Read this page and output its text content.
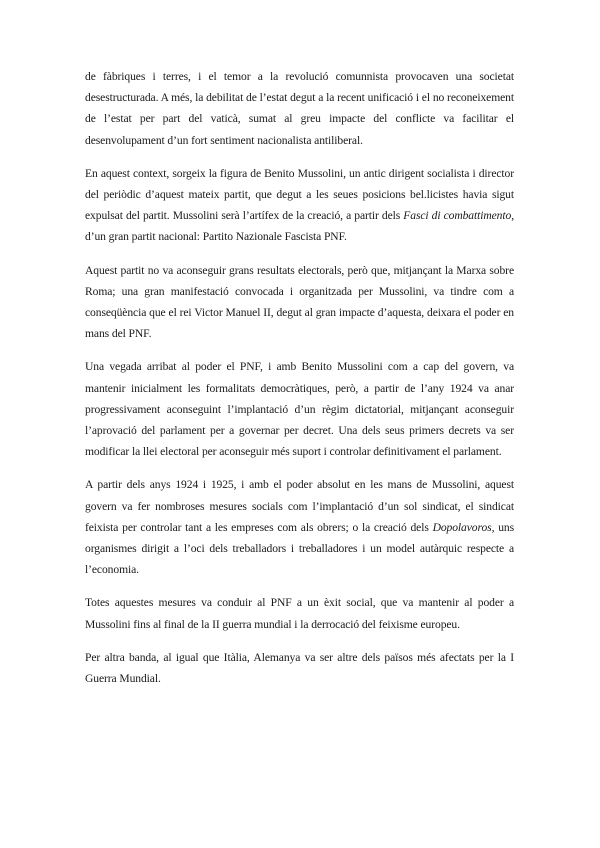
de fàbriques i terres, i el temor a la revolució comunnista provocaven una societat desestructurada. A més, la debilitat de l’estat degut a la recent unificació i el no reconeixement de l’estat per part del vaticà, sumat al greu impacte del conflicte va facilitar el desenvolupament d’un fort sentiment nacionalista antiliberal.

En aquest context, sorgeix la figura de Benito Mussolini, un antic dirigent socialista i director del periòdic d’aquest mateix partit, que degut a les seues posicions bel.licistes havia sigut expulsat del partit. Mussolini serà l’artífex de la creació, a partir dels Fasci di combattimento, d’un gran partit nacional: Partito Nazionale Fascista PNF.

Aquest partit no va aconseguir grans resultats electorals, però que, mitjançant la Marxa sobre Roma; una gran manifestació convocada i organitzada per Mussolini, va tindre com a conseqüència que el rei Victor Manuel II, degut al gran impacte d’aquesta, deixara el poder en mans del PNF.

Una vegada arribat al poder el PNF, i amb Benito Mussolini com a cap del govern, va mantenir inicialment les formalitats democràtiques, però, a partir de l’any 1924 va anar progressivament aconseguint l’implantació d’un règim dictatorial, mitjançant aconseguir l’aprovació del parlament per a governar per decret. Una dels seus primers decrets va ser modificar la llei electoral per aconseguir més suport i controlar definitivament el parlament.

A partir dels anys 1924 i 1925, i amb el poder absolut en les mans de Mussolini, aquest govern va fer nombroses mesures socials com l’implantació d’un sol sindicat, el sindicat feixista per controlar tant a les empreses com als obrers; o la creació dels Dopolavoros, uns organismes dirigit a l’oci dels treballadors i treballadores i un model autàrquic respecte a l’economia.

Totes aquestes mesures va conduir al PNF a un èxit social, que va mantenir al poder a Mussolini fins al final de la II guerra mundial i la derrocació del feixisme europeu.

Per altra banda, al igual que Itàlia, Alemanya va ser altre dels països més afectats per la I Guerra Mundial.
